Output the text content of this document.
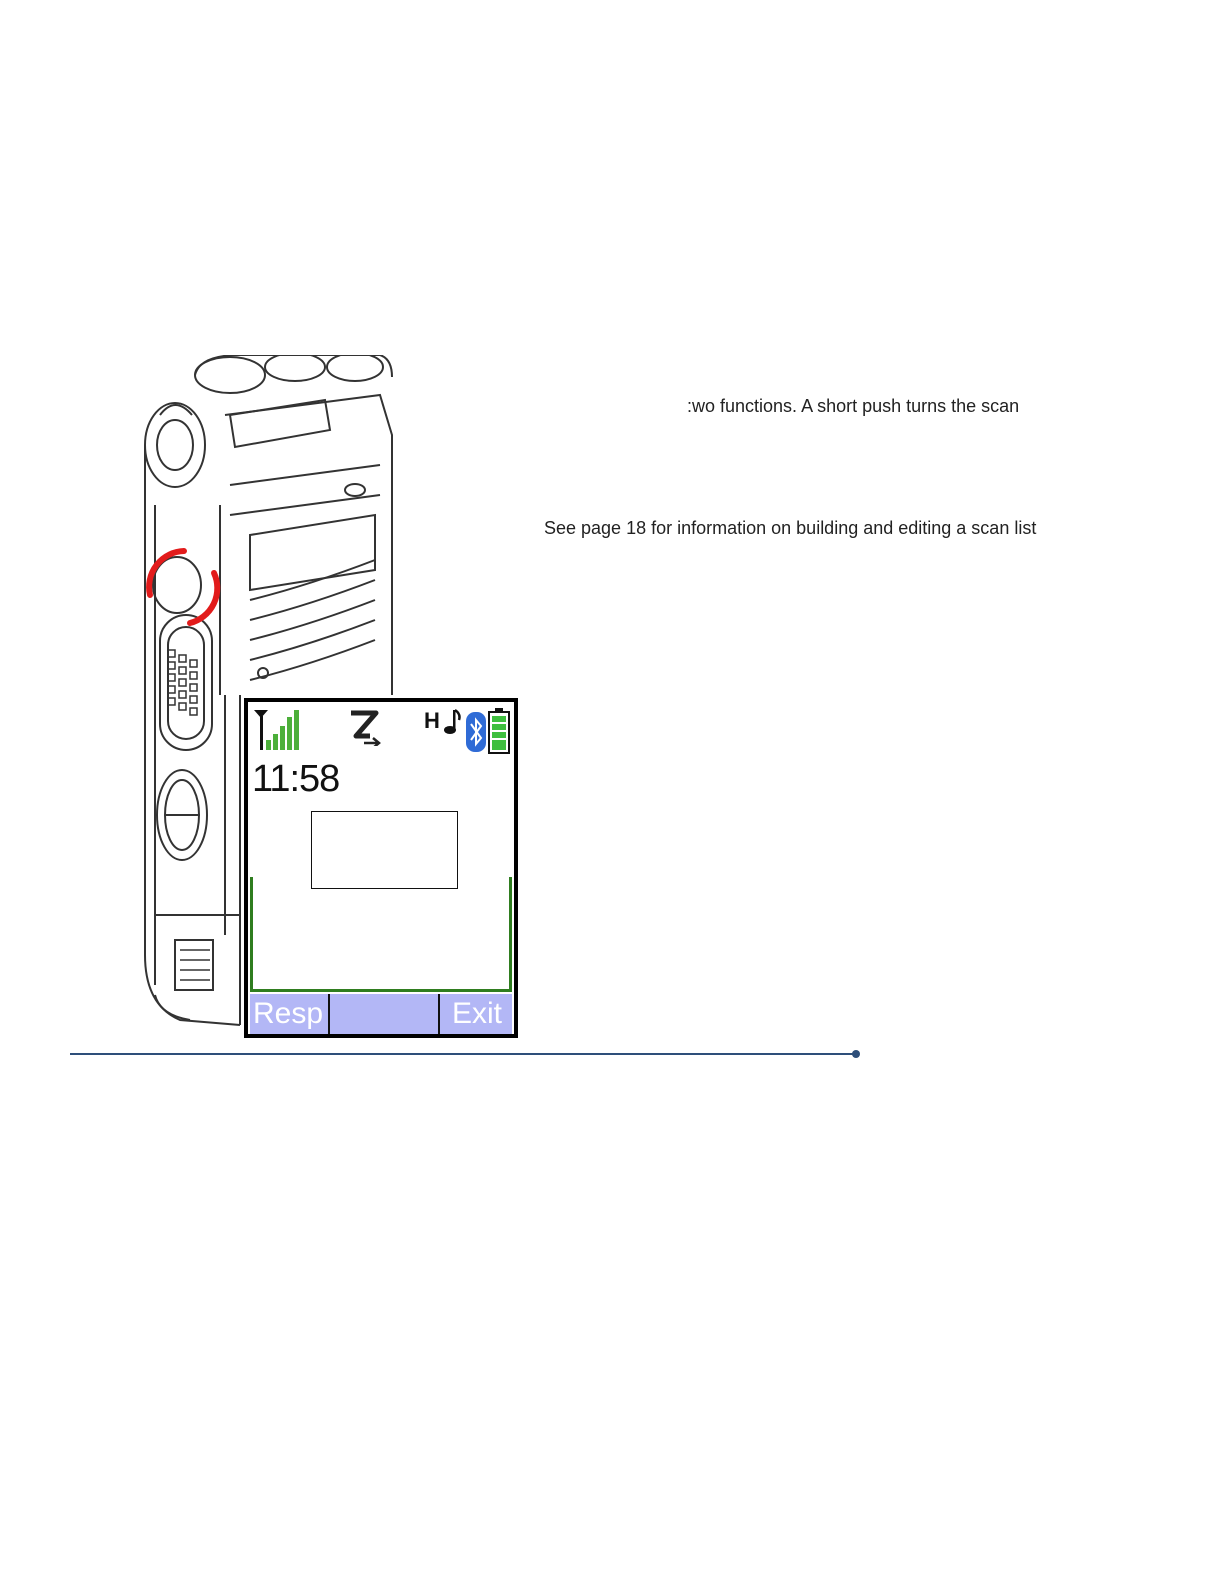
:wo functions. A short push turns the scan
See page 18 for information on building and editing a scan list
H
11:58
Resp	Exit
